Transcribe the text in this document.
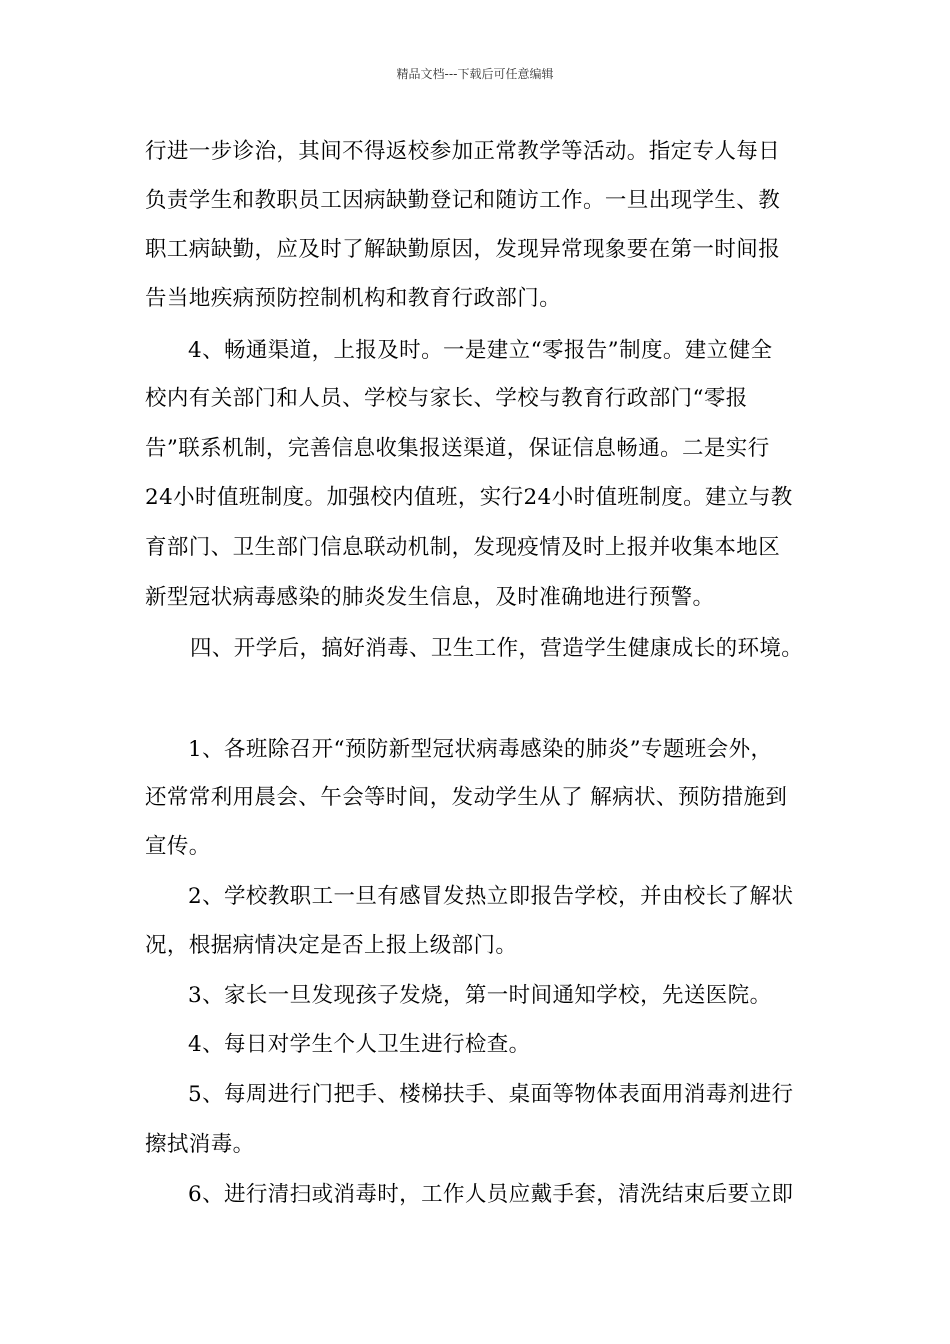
精品文档---下载后可任意编辑
行进一步诊治，其间不得返校参加正常教学等活动。指定专人每日
负责学生和教职员工因病缺勤登记和随访工作。一旦出现学生、教
职工病缺勤，应及时了解缺勤原因，发现异常现象要在第一时间报
告当地疾病预防控制机构和教育行政部门。
4、畅通渠道，上报及时。一是建立“零报告”制度。建立健全
校内有关部门和人员、学校与家长、学校与教育行政部门“零报
告”联系机制，完善信息收集报送渠道，保证信息畅通。二是实行
24小时值班制度。加强校内值班，实行24小时值班制度。建立与教
育部门、卫生部门信息联动机制，发现疫情及时上报并收集本地区
新型冠状病毒感染的肺炎发生信息，及时准确地进行预警。
四、开学后，搞好消毒、卫生工作，营造学生健康成长的环境。
1、各班除召开“预防新型冠状病毒感染的肺炎”专题班会外，
还常常利用晨会、午会等时间，发动学生从了 解病状、预防措施到
宣传。
2、学校教职工一旦有感冒发热立即报告学校，并由校长了解状
况，根据病情决定是否上报上级部门。
3、家长一旦发现孩子发烧，第一时间通知学校，先送医院。
4、每日对学生个人卫生进行检查。
5、每周进行门把手、楼梯扶手、桌面等物体表面用消毒剂进行
擦拭消毒。
6、进行清扫或消毒时，工作人员应戴手套，清洗结束后要立即
